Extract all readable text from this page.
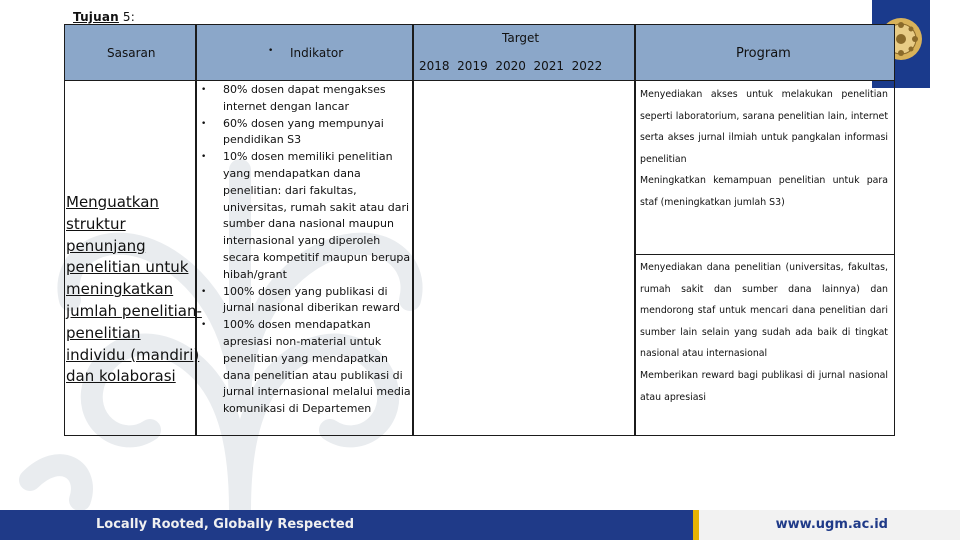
Tujuan 5:
Sasaran	• Indikator
Target
2018  2019  2020  2021  2022
Program
Menguatkan struktur penunjang penelitian untuk meningkatkan jumlah penelitian-penelitian individu (mandiri) dan kolaborasi
• 80% dosen dapat mengakses internet dengan lancar
• 60% dosen yang mempunyai pendidikan S3
• 10% dosen memiliki penelitian yang mendapatkan dana penelitian: dari fakultas, universitas, rumah sakit atau dari sumber dana nasional maupun internasional yang diperoleh secara kompetitif maupun berupa hibah/grant
• 100% dosen yang publikasi di jurnal nasional diberikan reward
• 100% dosen mendapatkan apresiasi non-material untuk penelitian yang mendapatkan dana penelitian atau publikasi di jurnal internasional melalui media komunikasi di Departemen
Menyediakan akses untuk melakukan penelitian seperti laboratorium, sarana penelitian lain, internet serta akses jurnal ilmiah untuk pangkalan informasi penelitian
Meningkatkan kemampuan penelitian untuk para staf (meningkatkan jumlah S3)
Menyediakan dana penelitian (universitas, fakultas, rumah sakit dan sumber dana lainnya) dan mendorong staf untuk mencari dana penelitian dari sumber lain selain yang sudah ada baik di tingkat nasional atau internasional
Memberikan reward bagi publikasi di jurnal nasional atau apresiasi
Locally Rooted, Globally Respected	www.ugm.ac.id
